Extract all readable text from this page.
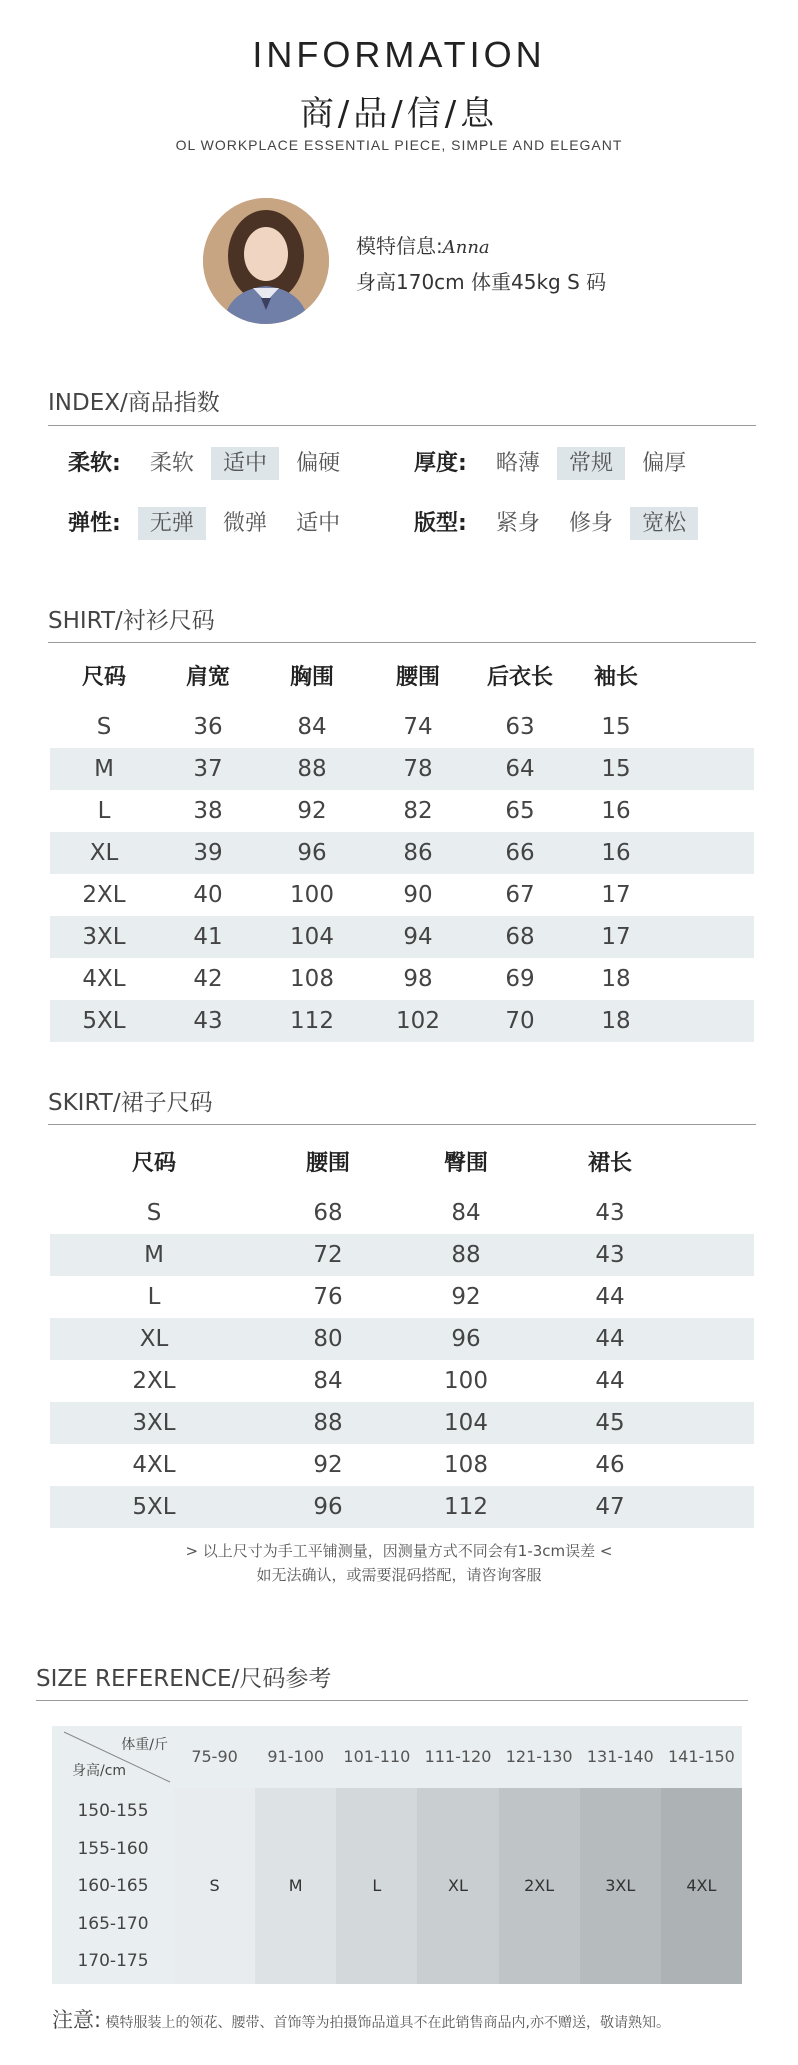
INFORMATION
商/品/信/息
OL WORKPLACE ESSENTIAL PIECE, SIMPLE AND ELEGANT
模特信息:Anna
身高170cm 体重45kg S 码
INDEX/商品指数
柔软: 柔软 适中 偏硬	厚度: 略薄 常规 偏厚
弹性: 无弹 微弹 适中	版型: 紧身 修身 宽松
SHIRT/衬衫尺码
尺码	肩宽	胸围	腰围	后衣长	袖长	
S	36	84	74	63	15	
M	37	88	78	64	15	
L	38	92	82	65	16	
XL	39	96	86	66	16	
2XL	40	100	90	67	17	
3XL	41	104	94	68	17	
4XL	42	108	98	69	18	
5XL	43	112	102	70	18	
SKIRT/裙子尺码
尺码	腰围	臀围	裙长	
S	68	84	43	
M	72	88	43	
L	76	92	44	
XL	80	96	44	
2XL	84	100	44	
3XL	88	104	45	
4XL	92	108	46	
5XL	96	112	47	
> 以上尺寸为手工平铺测量，因测量方式不同会有1-3cm误差 <
如无法确认，或需要混码搭配，请咨询客服
SIZE REFERENCE/尺码参考
体重/斤
身高/cm
75-90	91-100	101-110 111-120 121-130 131-140 141-150
150-155
155-160
160-165
165-170
170-175
S	M	L	XL	2XL	3XL	4XL
注意: 模特服装上的领花、腰带、首饰等为拍摄饰品道具不在此销售商品内,亦不赠送，敬请熟知。
